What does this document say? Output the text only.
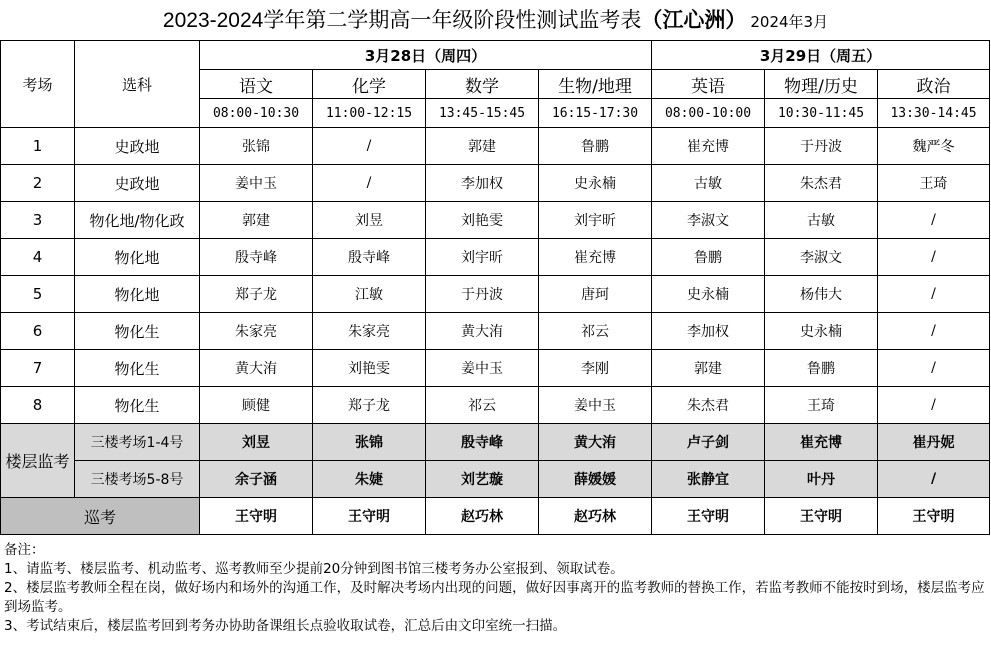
2023-2024学年第二学期高一年级阶段性测试监考表（江心洲） 2024年3月
考场	选科	3月28日（周四）				3月29日（周五）		
		语文	化学	数学	生物/地理	英语	物理/历史	政治
		08:00-10:30	11:00-12:15	13:45-15:45	16:15-17:30	08:00-10:00	10:30-11:45	13:30-14:45
1	史政地	张锦	/	郭建	鲁鹏	崔充博	于丹波	魏严冬
2	史政地	姜中玉	/	李加权	史永楠	古敏	朱杰君	王琦
3	物化地/物化政	郭建	刘昱	刘艳雯	刘宇昕	李淑文	古敏	/
4	物化地	殷寺峰	殷寺峰	刘宇昕	崔充博	鲁鹏	李淑文	/
5	物化地	郑子龙	江敏	于丹波	唐珂	史永楠	杨伟大	/
6	物化生	朱家亮	朱家亮	黄大洧	祁云	李加权	史永楠	/
7	物化生	黄大洧	刘艳雯	姜中玉	李刚	郭建	鲁鹏	/
8	物化生	顾健	郑子龙	祁云	姜中玉	朱杰君	王琦	/
楼层监考	三楼考场1-4号	刘昱	张锦	殷寺峰	黄大洧	卢子剑	崔充博	崔丹妮
	三楼考场5-8号	余子涵	朱婕	刘艺璇	薛媛媛	张静宜	叶丹	/
巡考		王守明	王守明	赵巧林	赵巧林	王守明	王守明	王守明
备注：
1、请监考、楼层监考、机动监考、巡考教师至少提前20分钟到图书馆三楼考务办公室报到、领取试卷。
2、楼层监考教师全程在岗，做好场内和场外的沟通工作，及时解决考场内出现的问题，做好因事离开的监考教师的替换工作，若监考教师不能按时到场，楼层监考应到场监考。
3、考试结束后，楼层监考回到考务办协助备课组长点验收取试卷，汇总后由文印室统一扫描。
